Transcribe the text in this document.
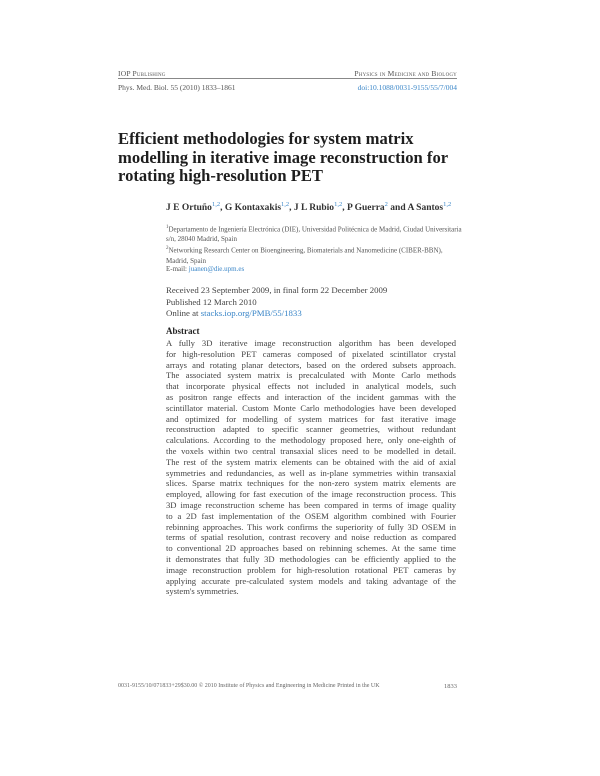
IOP Publishing	Physics in Medicine and Biology
Phys. Med. Biol. 55 (2010) 1833–1861	doi:10.1088/0031-9155/55/7/004
Efficient methodologies for system matrix modelling in iterative image reconstruction for rotating high-resolution PET
J E Ortuño$^{1,2}$, G Kontaxakis$^{1,2}$, J L Rubio$^{1,2}$, P Guerra$^2$ and A Santos$^{1,2}$
$^1$Departamento de Ingeniería Electrónica (DIE), Universidad Politécnica de Madrid, Ciudad Universitaria s/n, 28040 Madrid, Spain
$^2$Networking Research Center on Bioengineering, Biomaterials and Nanomedicine (CIBER-BBN), Madrid, Spain
E-mail: juanen@die.upm.es
Received 23 September 2009, in final form 22 December 2009
Published 12 March 2010
Online at stacks.iop.org/PMB/55/1833
Abstract
A fully 3D iterative image reconstruction algorithm has been developed
for high-resolution PET cameras composed of pixelated scintillator crystal
arrays and rotating planar detectors, based on the ordered subsets approach.
The associated system matrix is precalculated with Monte Carlo methods
that incorporate physical effects not included in analytical models, such
as positron range effects and interaction of the incident gammas with the
scintillator material. Custom Monte Carlo methodologies have been developed
and optimized for modelling of system matrices for fast iterative image
reconstruction adapted to specific scanner geometries, without redundant
calculations. According to the methodology proposed here, only one-eighth of
the voxels within two central transaxial slices need to be modelled in detail.
The rest of the system matrix elements can be obtained with the aid of axial
symmetries and redundancies, as well as in-plane symmetries within transaxial
slices. Sparse matrix techniques for the non-zero system matrix elements are
employed, allowing for fast execution of the image reconstruction process. This
3D image reconstruction scheme has been compared in terms of image quality
to a 2D fast implementation of the OSEM algorithm combined with Fourier
rebinning approaches. This work confirms the superiority of fully 3D OSEM in
terms of spatial resolution, contrast recovery and noise reduction as compared
to conventional 2D approaches based on rebinning schemes. At the same time
it demonstrates that fully 3D methodologies can be efficiently applied to the
image reconstruction problem for high-resolution rotational PET cameras by
applying accurate pre-calculated system models and taking advantage of the
system's symmetries.
0031-9155/10/071833+29$30.00 © 2010 Institute of Physics and Engineering in Medicine Printed in the UK	1833
